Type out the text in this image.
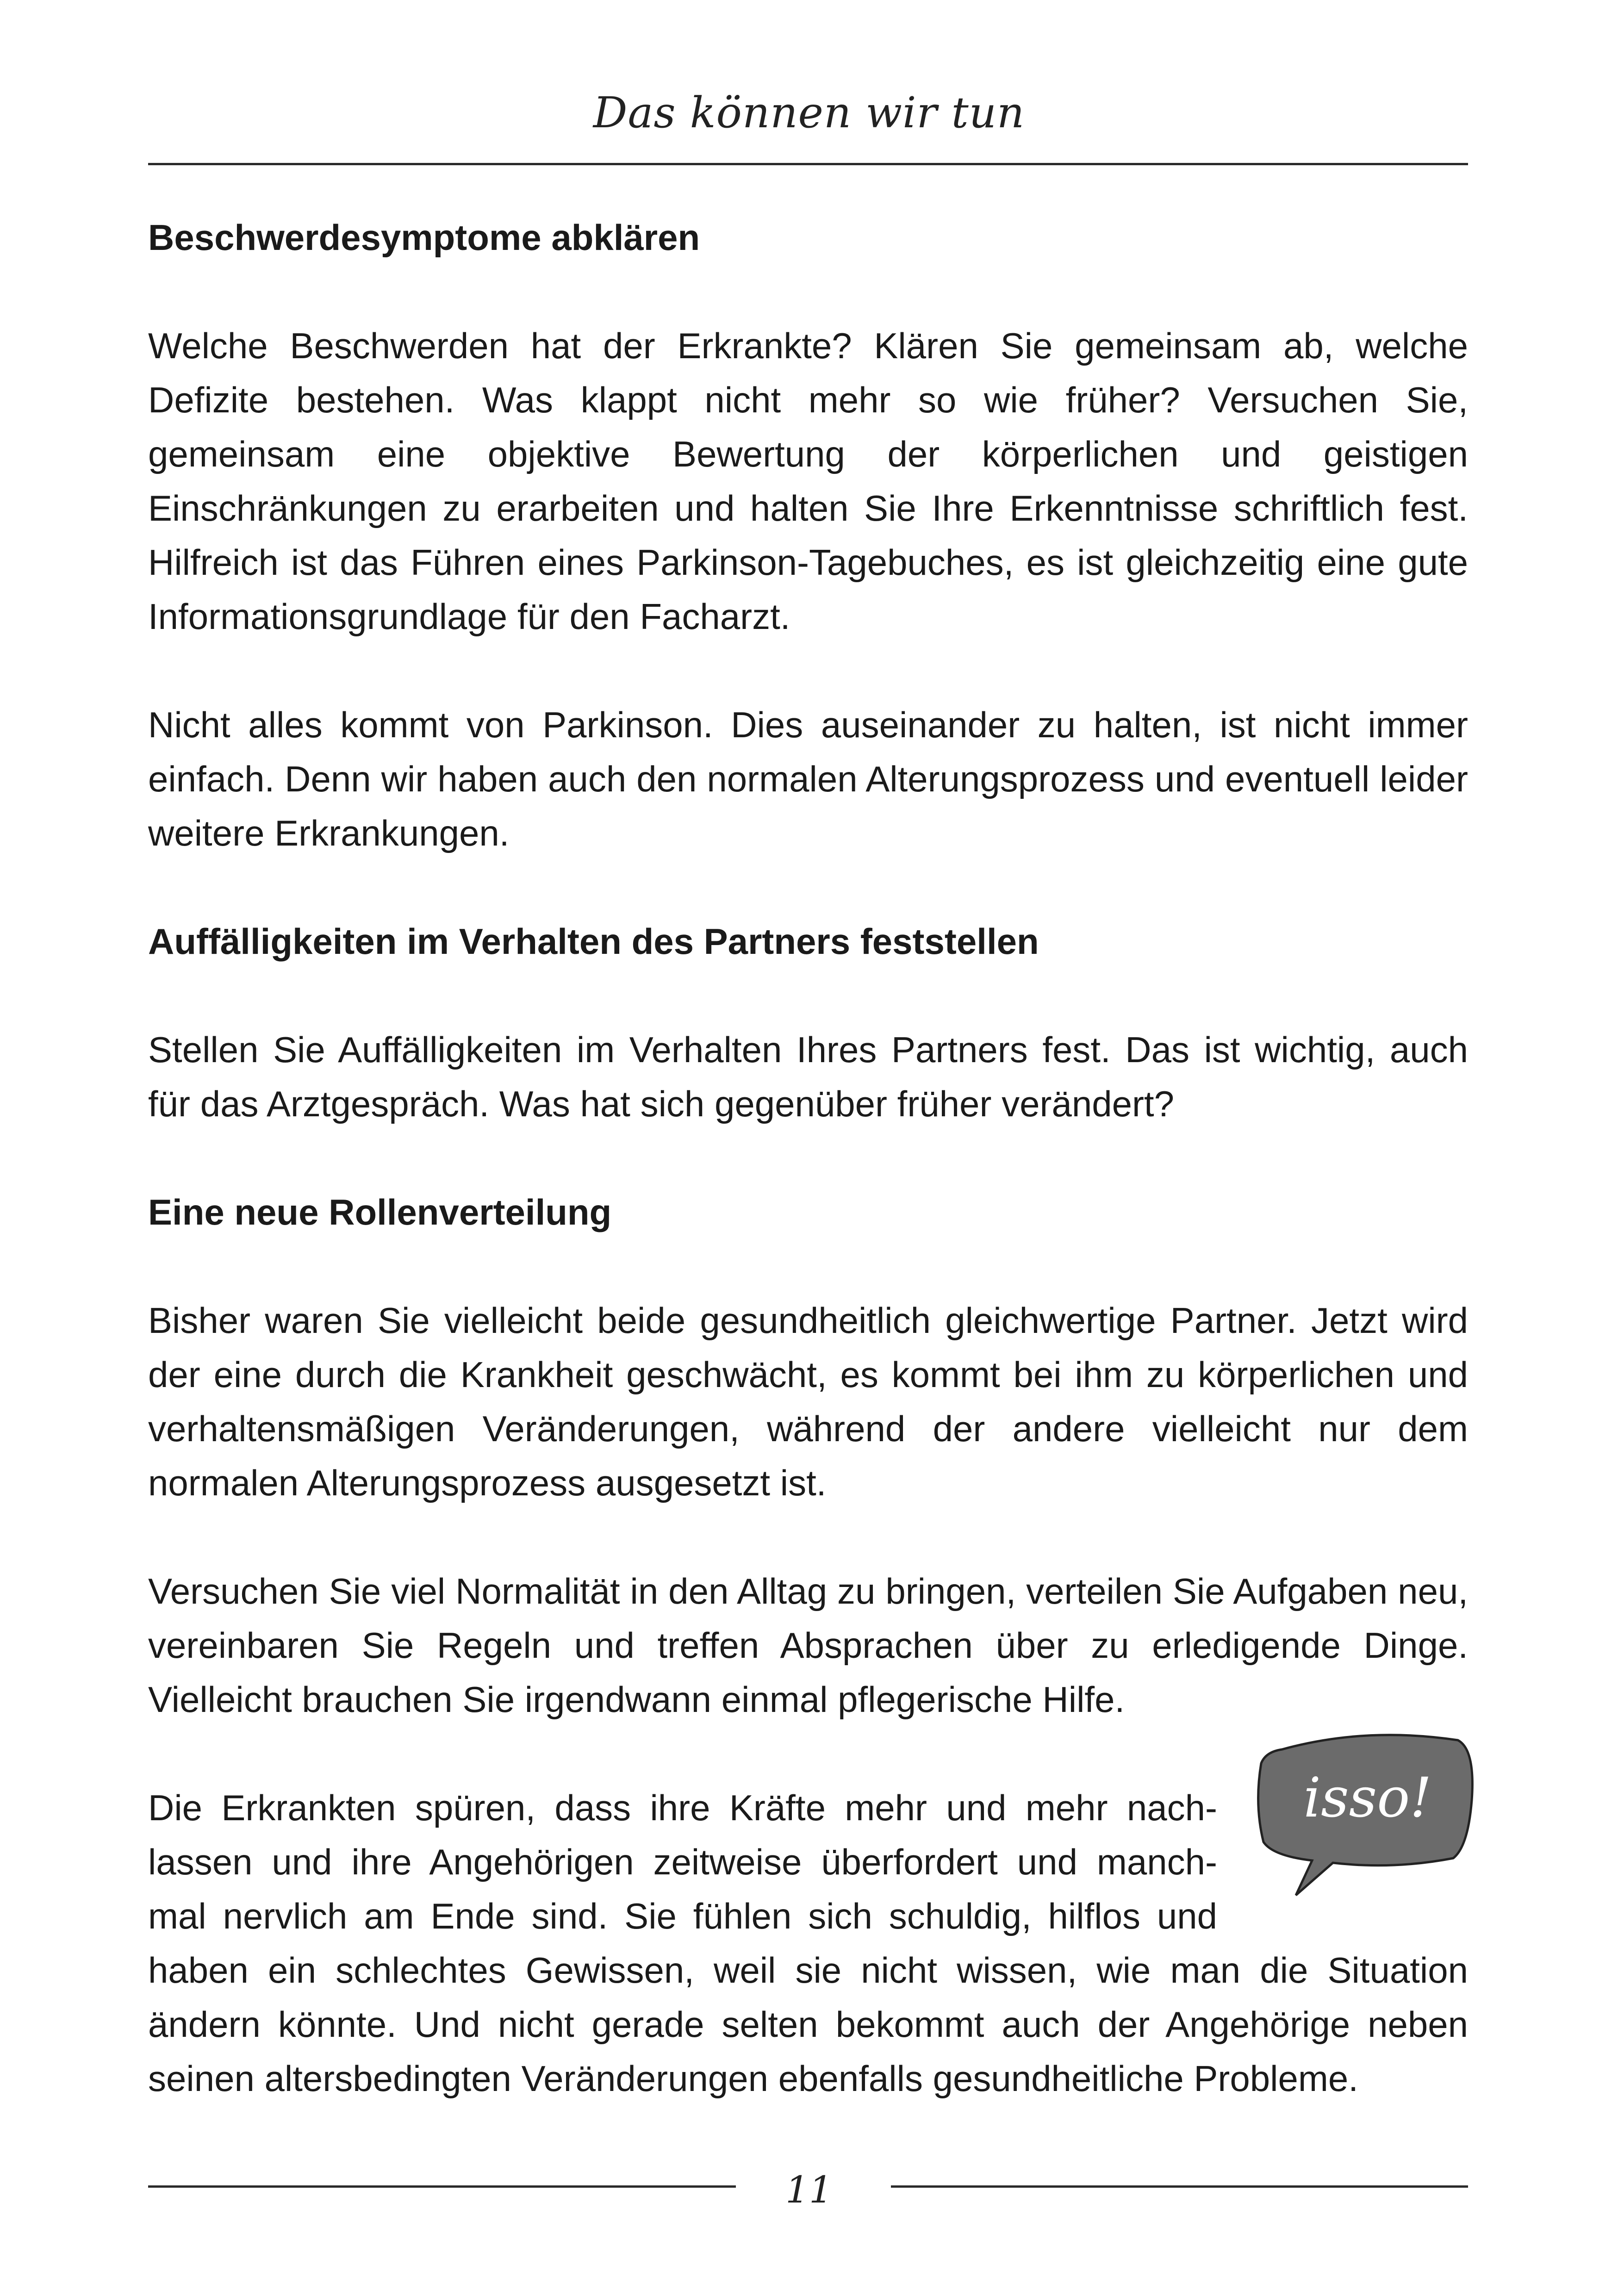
Das können wir tun
Beschwerdesymptome abklären

Welche Beschwerden hat der Erkrankte? Klären Sie gemeinsam ab, welche Defizite bestehen. Was klappt nicht mehr so wie früher? Versuchen Sie, gemeinsam eine objektive Bewertung der körperlichen und geistigen Einschränkungen zu erarbeiten und halten Sie Ihre Erkenntnisse schriftlich fest. Hilfreich ist das Führen eines Parkinson-Tagebuches, es ist gleichzeitig eine gute Informationsgrundlage für den Facharzt.

Nicht alles kommt von Parkinson. Dies auseinander zu halten, ist nicht immer einfach. Denn wir haben auch den normalen Alterungsprozess und eventuell leider weitere Erkrankungen.

Auffälligkeiten im Verhalten des Partners feststellen

Stellen Sie Auffälligkeiten im Verhalten Ihres Partners fest. Das ist wichtig, auch für das Arztgespräch. Was hat sich gegenüber früher verändert?

Eine neue Rollenverteilung

Bisher waren Sie vielleicht beide gesundheitlich gleichwertige Partner. Jetzt wird der eine durch die Krankheit geschwächt, es kommt bei ihm zu körperlichen und verhaltensmäßigen Veränderungen, während der andere vielleicht nur dem normalen Alterungsprozess ausgesetzt ist.

Versuchen Sie viel Normalität in den Alltag zu bringen, verteilen Sie Aufgaben neu, vereinbaren Sie Regeln und treffen Absprachen über zu erledigende Dinge. Vielleicht brauchen Sie irgendwann einmal pflegerische Hilfe.

Die Erkrankten spüren, dass ihre Kräfte mehr und mehr nach-
lassen und ihre Angehörigen zeitweise überfordert und manch-
mal nervlich am Ende sind. Sie fühlen sich schuldig, hilflos und
haben ein schlechtes Gewissen, weil sie nicht wissen, wie man die Situation
ändern könnte. Und nicht gerade selten bekommt auch der Angehörige neben
seinen altersbedingten Veränderungen ebenfalls gesundheitliche Probleme.
isso!
11
